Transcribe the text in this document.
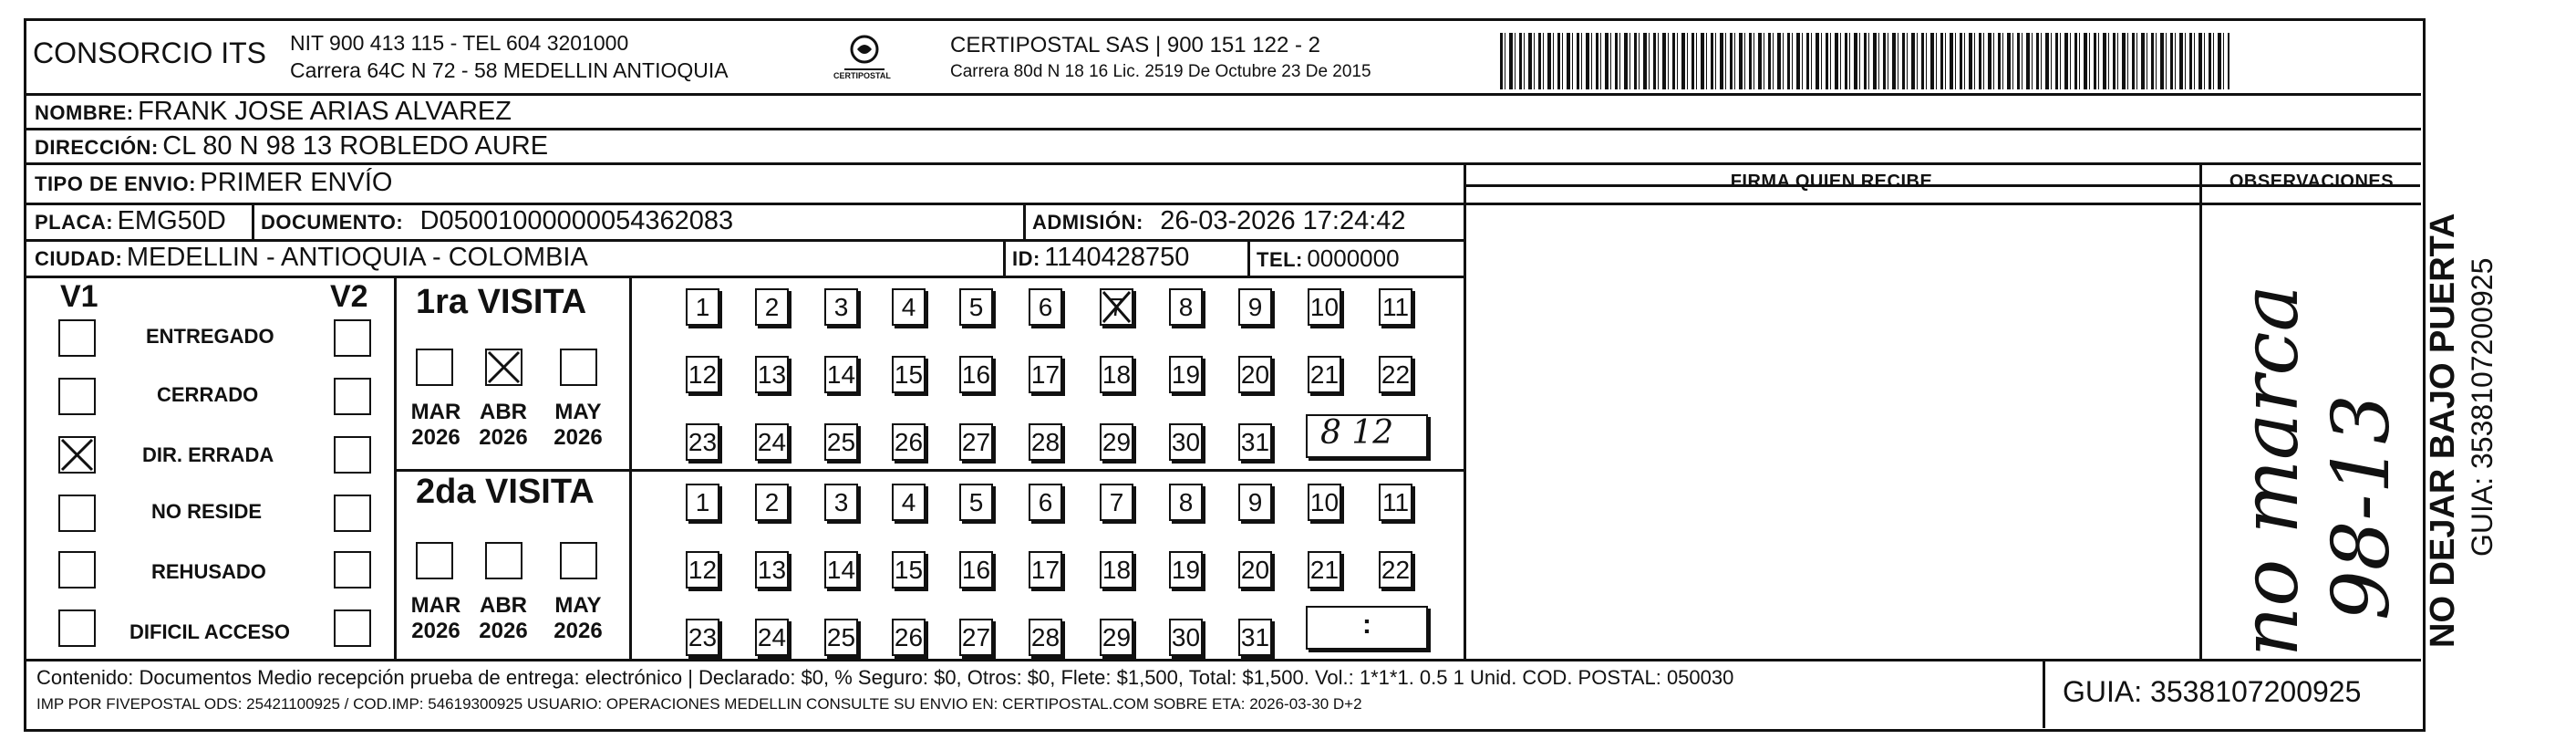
CONSORCIO ITS NIT 900 413 115 - TEL 604 3201000
Carrera 64C N 72 - 58 MEDELLIN ANTIOQUIA	CERTIPOSTAL
CERTIPOSTAL SAS | 900 151 122 - 2
Carrera 80d N 18 16 Lic. 2519 De Octubre 23 De 2015
NOMBRE: FRANK JOSE ARIAS ALVAREZ
DIRECCIÓN: CL 80 N 98 13 ROBLEDO AURE
TIPO DE ENVIO: PRIMER ENVÍO
PLACA: EMG50D DOCUMENTO: D05001000000054362083	ADMISIÓN: 26-03-2026 17:24:42
CIUDAD: MEDELLIN - ANTIOQUIA - COLOMBIA	ID: 1140428750	TEL: 0000000
FIRMA QUIEN RECIBE	OBSERVACIONES
V1	V2
ENTREGADO
CERRADO
DIR. ERRADA
NO RESIDE
REHUSADO
DIFICIL ACCESO
1ra VISITA
MAR ABR MAY
2026 2026 2026
1	2	3	4	5	6	7	8	9	10 11
12 13 14 15 16 17 18 19 20 21 22
23 24 25 26 27 28 29 30 31 8 12
2da VISITA
MAR ABR MAY
2026 2026 2026
1	2	3	4	5	6	7	8	9	10 11
12 13 14 15 16 17 18 19 20 21 22
23 24 25 26 27 28 29 30 31	:	no marca 98-13
Contenido: Documentos Medio recepción prueba de entrega: electrónico | Declarado: $0, % Seguro: $0, Otros: $0, Flete: $1,500, Total: $1,500. Vol.: 1*1*1. 0.5 1 Unid. COD. POSTAL: 050030
IMP POR FIVEPOSTAL ODS: 25421100925 / COD.IMP: 54619300925 USUARIO: OPERACIONES MEDELLIN CONSULTE SU ENVIO EN: CERTIPOSTAL.COM SOBRE ETA: 2026-03-30 D+2	GUIA: 3538107200925
NO DEJAR BAJO PUERTA GUIA: 3538107200925
